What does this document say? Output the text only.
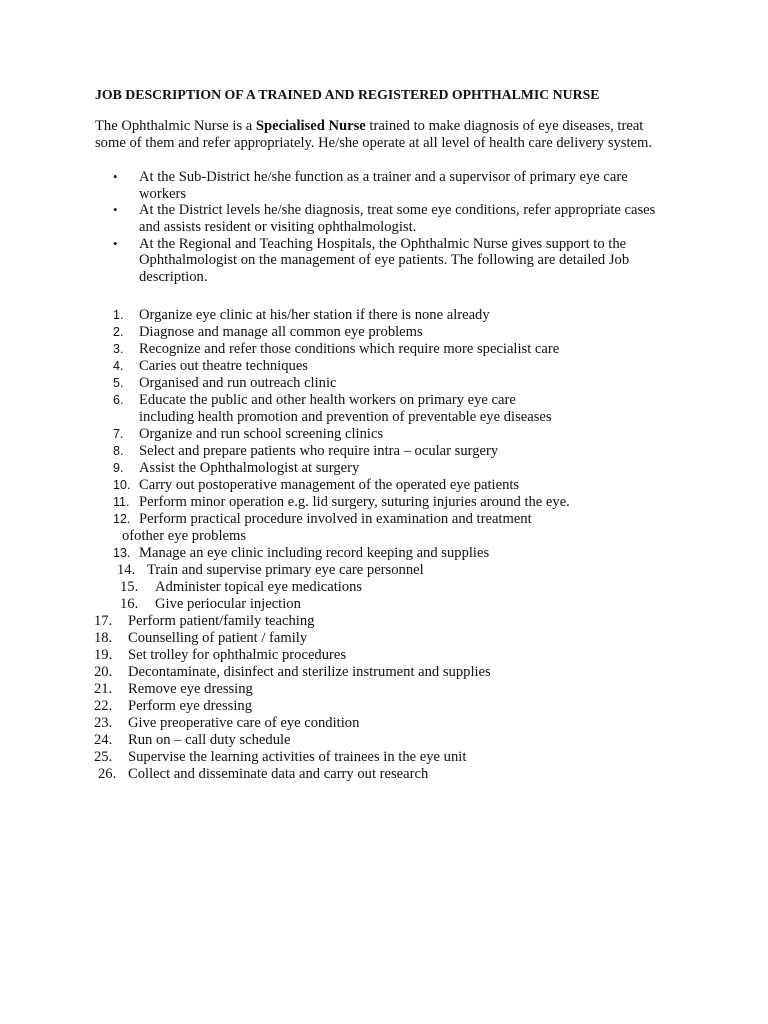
JOB DESCRIPTION OF A TRAINED AND REGISTERED OPHTHALMIC NURSE
The Ophthalmic Nurse is a Specialised Nurse trained to make diagnosis of eye diseases, treat some of them and refer appropriately. He/she operate at all level of health care delivery system.
• At the Sub-District he/she function as a trainer and a supervisor of primary eye care workers
• At the District levels he/she diagnosis, treat some eye conditions, refer appropriate cases and assists resident or visiting ophthalmologist.
• At the Regional and Teaching Hospitals, the Ophthalmic Nurse gives support to the Ophthalmologist on the management of eye patients. The following are detailed Job description.
1. Organize eye clinic at his/her station if there is none already
2. Diagnose and manage all common eye problems
3. Recognize and refer those conditions which require more specialist care
4. Caries out theatre techniques
5. Organised and run outreach clinic
6. Educate the public and other health workers on primary eye care
including health promotion and prevention of preventable eye diseases
7. Organize and run school screening clinics
8. Select and prepare patients who require intra – ocular surgery
9. Assist the Ophthalmologist at surgery
10. Carry out postoperative management of the operated eye patients
11. Perform minor operation e.g. lid surgery, suturing injuries around the eye.
12. Perform practical procedure involved in examination and treatment
ofother eye problems
13. Manage an eye clinic including record keeping and supplies
14. Train and supervise primary eye care personnel
15. Administer topical eye medications
16. Give periocular injection
17. Perform patient/family teaching
18. Counselling of patient / family
19. Set trolley for ophthalmic procedures
20. Decontaminate, disinfect and sterilize instrument and supplies
21. Remove eye dressing
22. Perform eye dressing
23. Give preoperative care of eye condition
24. Run on – call duty schedule
25. Supervise the learning activities of trainees in the eye unit
26. Collect and disseminate data and carry out research
